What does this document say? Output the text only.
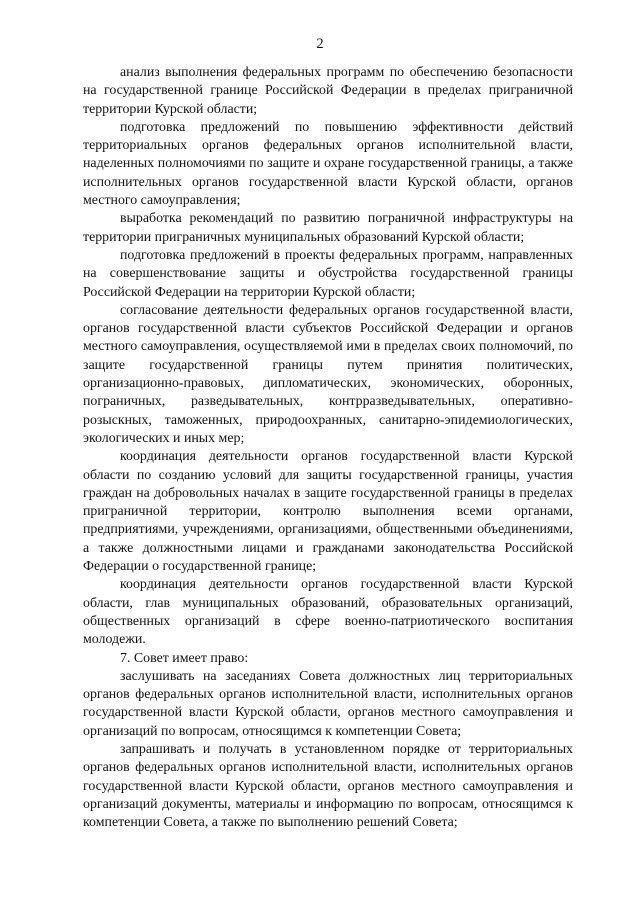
2

анализ выполнения федеральных программ по обеспечению безопасности на государственной границе Российской Федерации в пределах приграничной территории Курской области;

подготовка предложений по повышению эффективности действий территориальных органов федеральных органов исполнительной власти, наделенных полномочиями по защите и охране государственной границы, а также исполнительных органов государственной власти Курской области, органов местного самоуправления;

выработка рекомендаций по развитию пограничной инфраструктуры на территории приграничных муниципальных образований Курской области;

подготовка предложений в проекты федеральных программ, направленных на совершенствование защиты и обустройства государственной границы Российской Федерации на территории Курской области;

согласование деятельности федеральных органов государственной власти, органов государственной власти субъектов Российской Федерации и органов местного самоуправления, осуществляемой ими в пределах своих полномочий, по защите государственной границы путем принятия политических, организационно-правовых, дипломатических, экономических, оборонных, пограничных, разведывательных, контрразведывательных, оперативно-розыскных, таможенных, природоохранных, санитарно-эпидемиологических, экологических и иных мер;

координация деятельности органов государственной власти Курской области по созданию условий для защиты государственной границы, участия граждан на добровольных началах в защите государственной границы в пределах приграничной территории, контролю выполнения всеми органами, предприятиями, учреждениями, организациями, общественными объединениями, а также должностными лицами и гражданами законодательства Российской Федерации о государственной границе;

координация деятельности органов государственной власти Курской области, глав муниципальных образований, образовательных организаций, общественных организаций в сфере военно-патриотического воспитания молодежи.

7. Совет имеет право:

заслушивать на заседаниях Совета должностных лиц территориальных органов федеральных органов исполнительной власти, исполнительных органов государственной власти Курской области, органов местного самоуправления и организаций по вопросам, относящимся к компетенции Совета;

запрашивать и получать в установленном порядке от территориальных органов федеральных органов исполнительной власти, исполнительных органов государственной власти Курской области, органов местного самоуправления и организаций документы, материалы и информацию по вопросам, относящимся к компетенции Совета, а также по выполнению решений Совета;
